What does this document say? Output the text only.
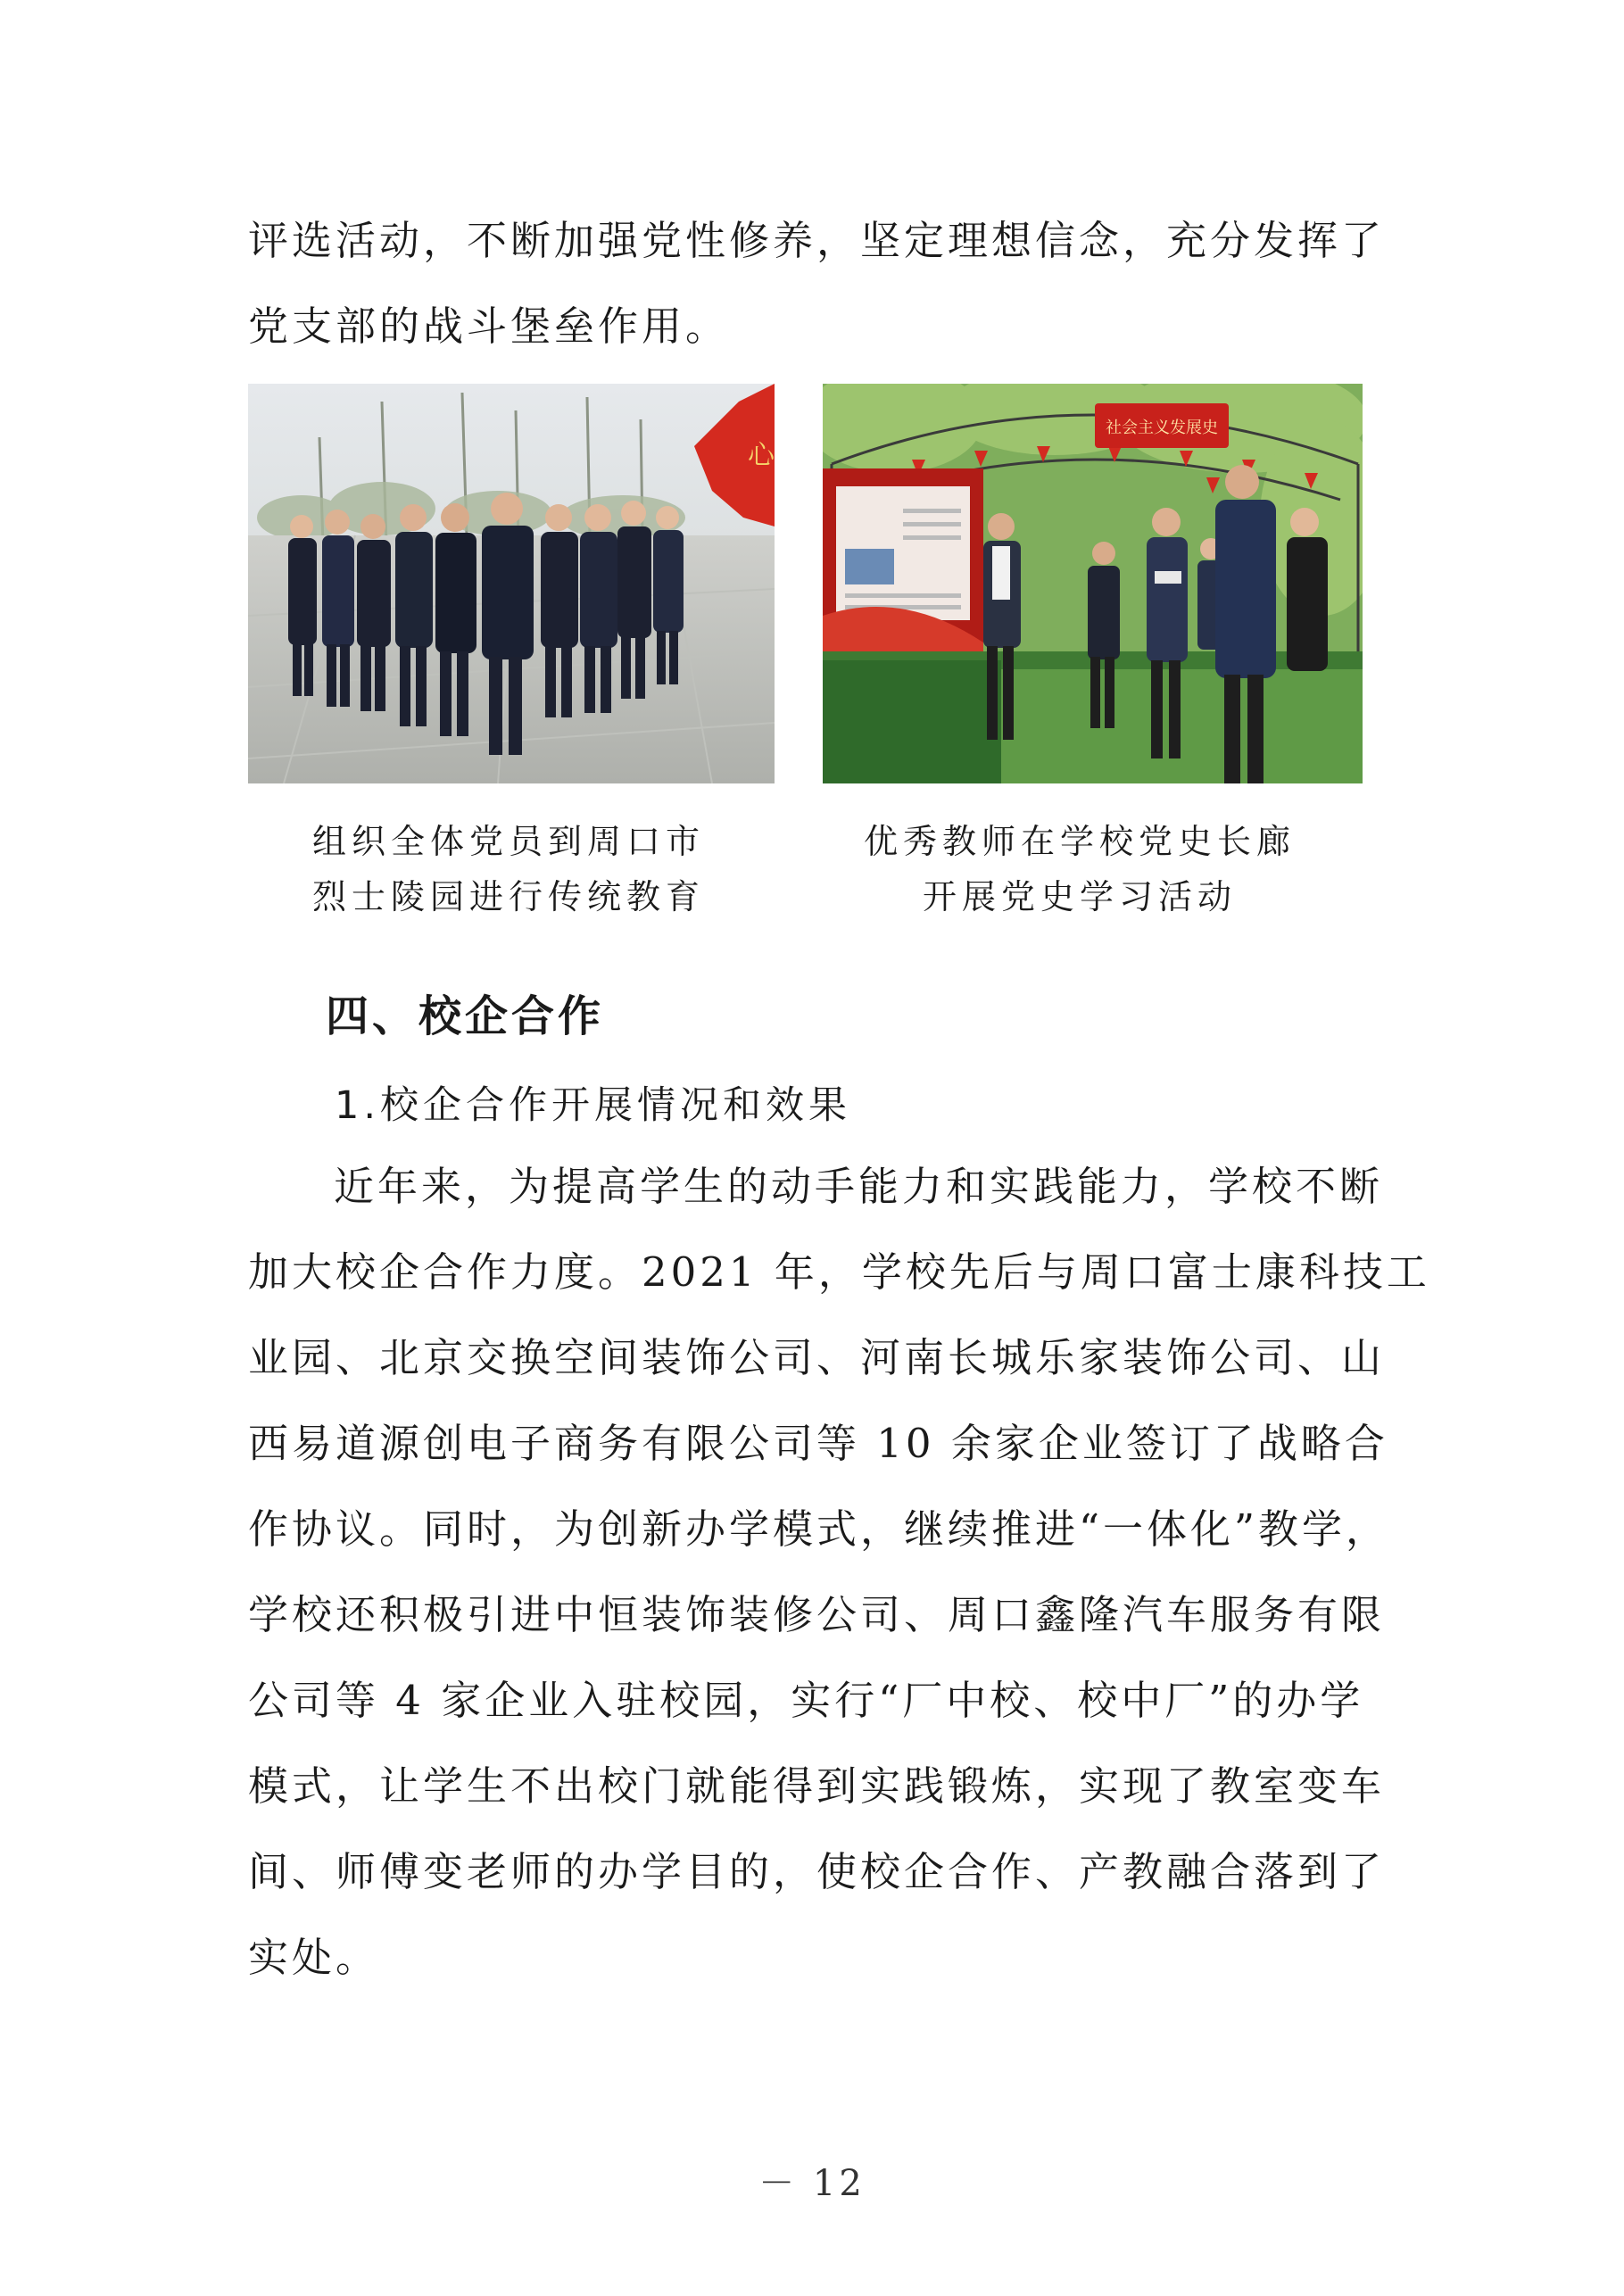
评选活动，不断加强党性修养，坚定理想信念，充分发挥了
党支部的战斗堡垒作用。
心
社会主义发展史
组织全体党员到周口市
烈士陵园进行传统教育
优秀教师在学校党史长廊
开展党史学习活动
四、校企合作
1.校企合作开展情况和效果
近年来，为提高学生的动手能力和实践能力，学校不断
加大校企合作力度。2021 年，学校先后与周口富士康科技工
业园、北京交换空间装饰公司、河南长城乐家装饰公司、山
西易道源创电子商务有限公司等 10 余家企业签订了战略合
作协议。同时，为创新办学模式，继续推进“一体化”教学，
学校还积极引进中恒装饰装修公司、周口鑫隆汽车服务有限
公司等 4 家企业入驻校园，实行“厂中校、校中厂”的办学
模式，让学生不出校门就能得到实践锻炼，实现了教室变车
间、师傅变老师的办学目的，使校企合作、产教融合落到了
实处。
－ 12
